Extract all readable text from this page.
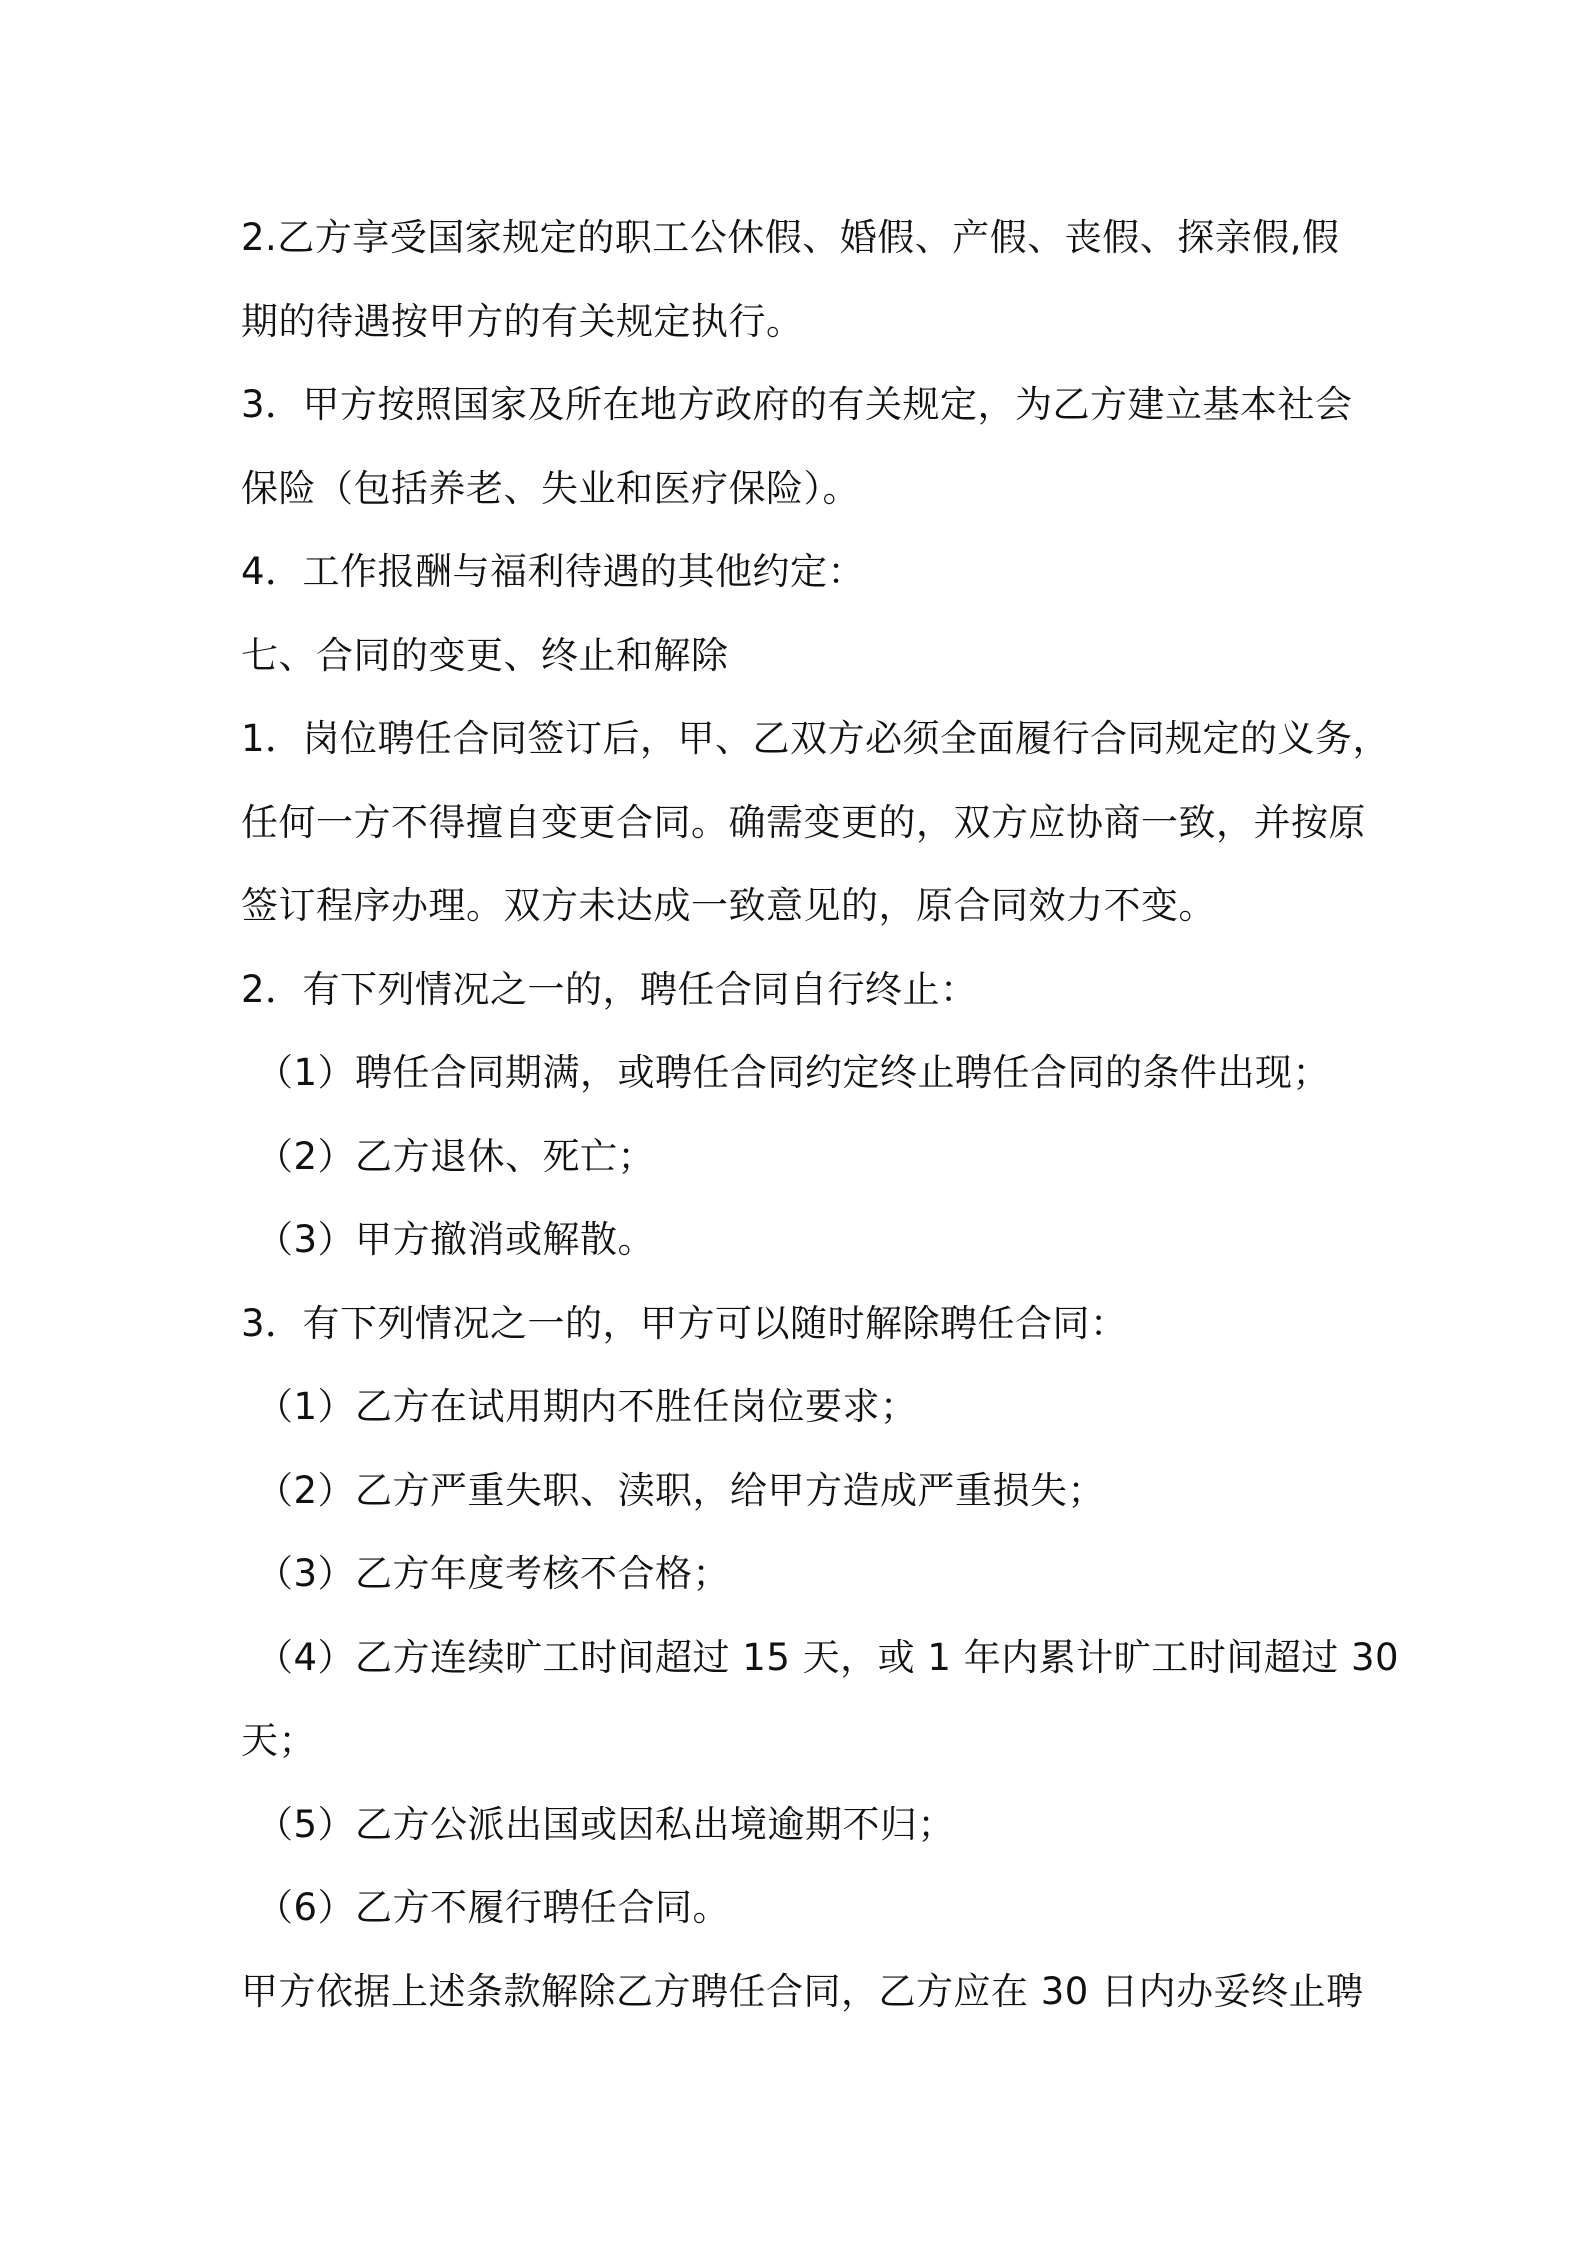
2.乙方享受国家规定的职工公休假、婚假、产假、丧假、探亲假,假
期的待遇按甲方的有关规定执行。
3．甲方按照国家及所在地方政府的有关规定，为乙方建立基本社会
保险（包括养老、失业和医疗保险）。
4．工作报酬与福利待遇的其他约定：
七、合同的变更、终止和解除
1．岗位聘任合同签订后，甲、乙双方必须全面履行合同规定的义务，
任何一方不得擅自变更合同。确需变更的，双方应协商一致，并按原
签订程序办理。双方未达成一致意见的，原合同效力不变。
2．有下列情况之一的，聘任合同自行终止：
（1）聘任合同期满，或聘任合同约定终止聘任合同的条件出现；
（2）乙方退休、死亡；
（3）甲方撤消或解散。
3．有下列情况之一的，甲方可以随时解除聘任合同：
（1）乙方在试用期内不胜任岗位要求；
（2）乙方严重失职、渎职，给甲方造成严重损失；
（3）乙方年度考核不合格；
（4）乙方连续旷工时间超过 15 天，或 1 年内累计旷工时间超过 30
天；
（5）乙方公派出国或因私出境逾期不归；
（6）乙方不履行聘任合同。
甲方依据上述条款解除乙方聘任合同，乙方应在 30 日内办妥终止聘
